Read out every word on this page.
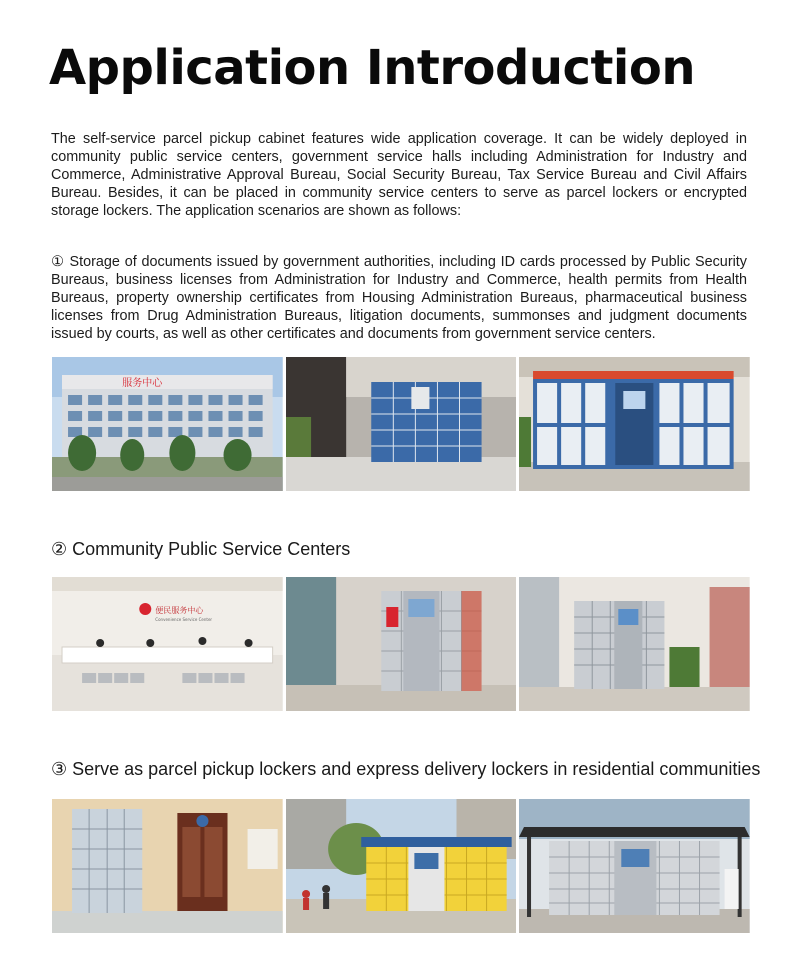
Application Introduction

The self-service parcel pickup cabinet features wide application coverage. It can be widely deployed in community public service centers, government service halls including Administration for Industry and Commerce, Administrative Approval Bureau, Social Security Bureau, Tax Service Bureau and Civil Affairs Bureau. Besides, it can be placed in community service centers to serve as parcel lockers or encrypted storage lockers. The application scenarios are shown as follows:

① Storage of documents issued by government authorities, including ID cards processed by Public Security Bureaus, business licenses from Administration for Industry and Commerce, health permits from Health Bureaus, property ownership certificates from Housing Administration Bureaus, pharmaceutical business licenses from Drug Administration Bureaus, litigation documents, summonses and judgment documents issued by courts, as well as other certificates and documents from government service centers.

服务中心
② Community Public Service Centers
便民服务中心
Convenience Service Center
③ Serve as parcel pickup lockers and express delivery lockers in residential communities
